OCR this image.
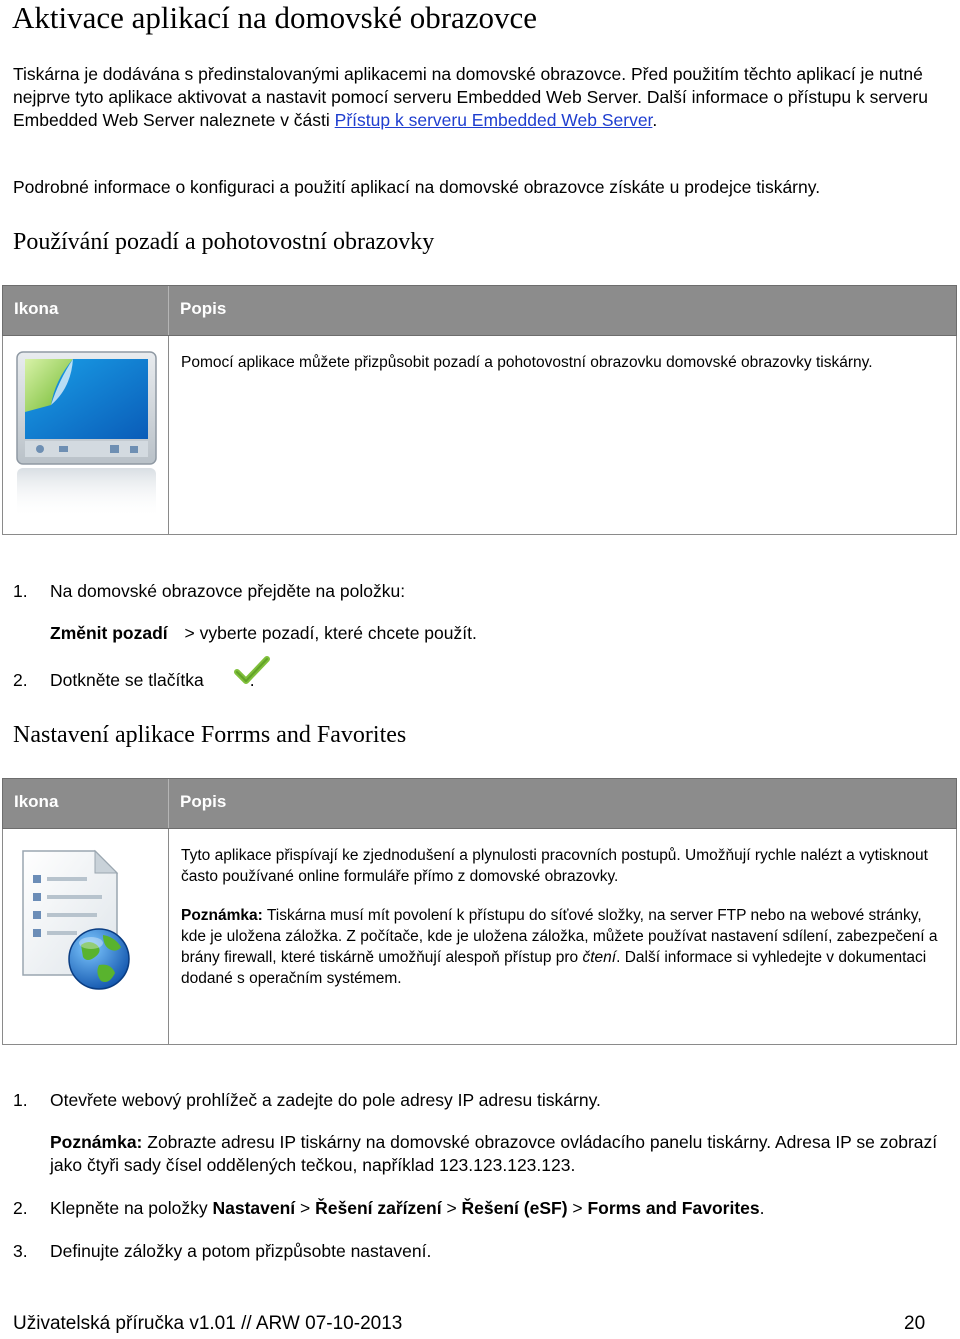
Aktivace aplikací na domovské obrazovce
Tiskárna je dodávána s předinstalovanými aplikacemi na domovské obrazovce. Před použitím těchto aplikací je nutné nejprve tyto aplikace aktivovat a nastavit pomocí serveru Embedded Web Server. Další informace o přístupu k serveru Embedded Web Server naleznete v části Přístup k serveru Embedded Web Server.
Podrobné informace o konfiguraci a použití aplikací na domovské obrazovce získáte u prodejce tiskárny.
Používání pozadí a pohotovostní obrazovky
Ikona	Popis
Pomocí aplikace můžete přizpůsobit pozadí a pohotovostní obrazovku domovské obrazovky tiskárny.
1. Na domovské obrazovce přejděte na položku:
Změnit pozadí > vyberte pozadí, které chcete použít.
2. Dotkněte se tlačítka	.
Nastavení aplikace Forrms and Favorites
Ikona	Popis
Tyto aplikace přispívají ke zjednodušení a plynulosti pracovních postupů. Umožňují rychle nalézt a vytisknout často používané online formuláře přímo z domovské obrazovky.
Poznámka: Tiskárna musí mít povolení k přístupu do síťové složky, na server FTP nebo na webové stránky, kde je uložena záložka. Z počítače, kde je uložena záložka, můžete používat nastavení sdílení, zabezpečení a brány firewall, které tiskárně umožňují alespoň přístup pro čtení. Další informace si vyhledejte v dokumentaci dodané s operačním systémem.
1. Otevřete webový prohlížeč a zadejte do pole adresy IP adresu tiskárny.
Poznámka: Zobrazte adresu IP tiskárny na domovské obrazovce ovládacího panelu tiskárny. Adresa IP se zobrazí jako čtyři sady čísel oddělených tečkou, například 123.123.123.123.
2. Klepněte na položky Nastavení > Řešení zařízení > Řešení (eSF) > Forms and Favorites.
3. Definujte záložky a potom přizpůsobte nastavení.
Uživatelská příručka v1.01 // ARW 07-10-2013	20
